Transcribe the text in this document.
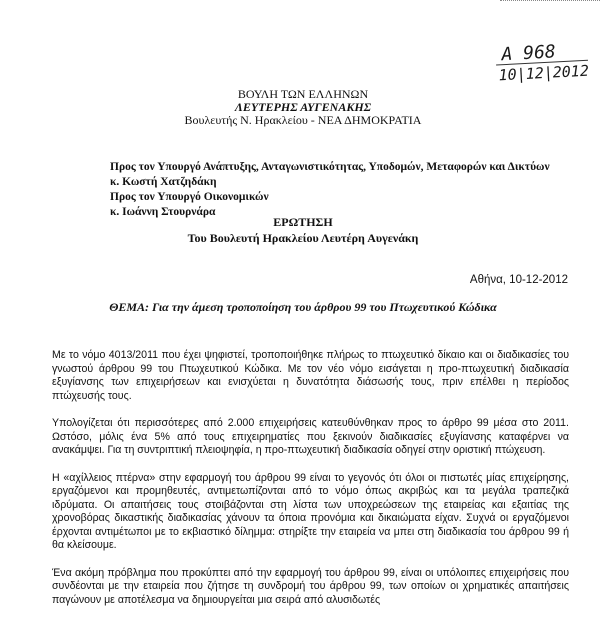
A 968
10|12|2012
ΒΟΥΛΗ ΤΩΝ ΕΛΛΗΝΩΝ
ΛΕΥΤΕΡΗΣ ΑΥΓΕΝΑΚΗΣ
Βουλευτής Ν. Ηρακλείου - ΝΕΑ ΔΗΜΟΚΡΑΤΙΑ
Προς τον Υπουργό Ανάπτυξης, Ανταγωνιστικότητας, Υποδομών, Μεταφορών και Δικτύων
κ. Κωστή Χατζηδάκη
Προς τον Υπουργό Οικονομικών
κ. Ιωάννη Στουρνάρα
ΕΡΩΤΗΣΗ
Του Βουλευτή Ηρακλείου Λευτέρη Αυγενάκη
Αθήνα, 10-12-2012
ΘΕΜΑ: Για την άμεση τροποποίηση του άρθρου 99 του Πτωχευτικού Κώδικα

Με το νόμο 4013/2011 που έχει ψηφιστεί, τροποποιήθηκε πλήρως το πτωχευτικό δίκαιο και οι διαδικασίες του γνωστού άρθρου 99 του Πτωχευτικού Κώδικα. Με τον νέο νόμο εισάγεται η προ-πτωχευτική διαδικασία εξυγίανσης των επιχειρήσεων και ενισχύεται η δυνατότητα διάσωσής τους, πριν επέλθει η περίοδος πτώχευσής τους.

Υπολογίζεται ότι περισσότερες από 2.000 επιχειρήσεις κατευθύνθηκαν προς το άρθρο 99 μέσα στο 2011. Ωστόσο, μόλις ένα 5% από τους επιχειρηματίες που ξεκινούν διαδικασίες εξυγίανσης καταφέρνει να ανακάμψει. Για τη συντριπτική πλειοψηφία, η προ-πτωχευτική διαδικασία οδηγεί στην οριστική πτώχευση.

Η «αχίλλειος πτέρνα» στην εφαρμογή του άρθρου 99 είναι το γεγονός ότι όλοι οι πιστωτές μίας επιχείρησης, εργαζόμενοι και προμηθευτές, αντιμετωπίζονται από το νόμο όπως ακριβώς και τα μεγάλα τραπεζικά ιδρύματα. Οι απαιτήσεις τους στοιβάζονται στη λίστα των υποχρεώσεων της εταιρείας και εξαιτίας της χρονοβόρας δικαστικής διαδικασίας χάνουν τα όποια προνόμια και δικαιώματα είχαν. Συχνά οι εργαζόμενοι έρχονται αντιμέτωποι με το εκβιαστικό δίλημμα: στηρίξτε την εταιρεία να μπει στη διαδικασία του άρθρου 99 ή θα κλείσουμε.

Ένα ακόμη πρόβλημα που προκύπτει από την εφαρμογή του άρθρου 99, είναι οι υπόλοιπες επιχειρήσεις που συνδέονται με την εταιρεία που ζήτησε τη συνδρομή του άρθρου 99, των οποίων οι χρηματικές απαιτήσεις παγώνουν με αποτέλεσμα να δημιουργείται μια σειρά από αλυσιδωτές
